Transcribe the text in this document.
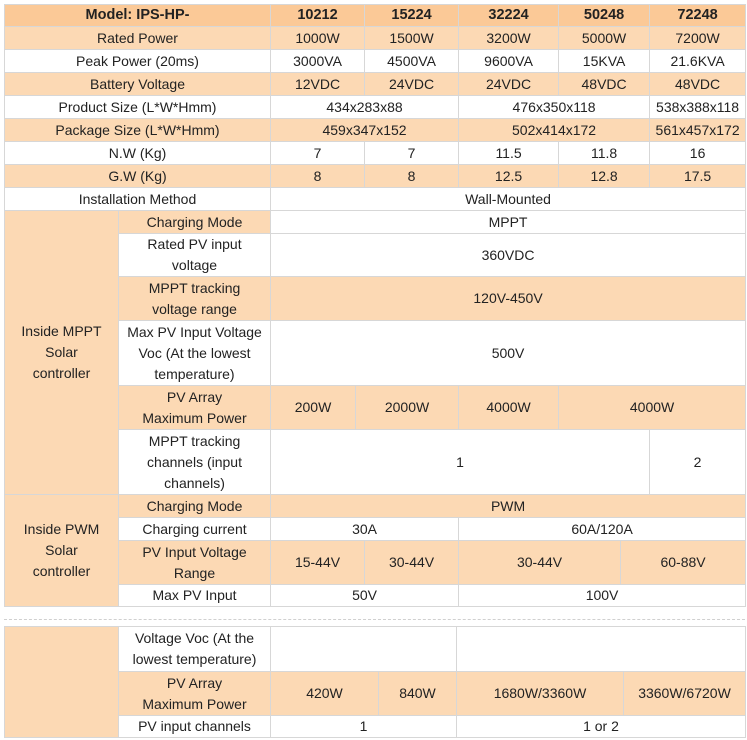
Model: IPS-HP-		10212		15224	32224	50248		72248	
Rated Power		1000W		1500W	3200W	5000W		7200W	
Peak Power (20ms)		3000VA		4500VA	9600VA	15KVA		21.6KVA	
Battery Voltage		12VDC		24VDC	24VDC	48VDC		48VDC	
Product Size (L*W*Hmm)		434x283x88			476x350x118			538x388x118	
Package Size (L*W*Hmm)		459x347x152			502x414x172			561x457x172	
N.W (Kg)		7		7	11.5	11.8		16	
G.W (Kg)		8		8	12.5	12.8		17.5	
Installation Method		Wall-Mounted							
Inside MPPT Solar controller	Charging Mode	MPPT							
	Rated PV input voltage	360VDC							
	MPPT tracking voltage range	120V-450V							
	Max PV Input Voltage Voc (At the lowest temperature)	500V							
	PV Array Maximum Power	200W	2000W		4000W	4000W	
	MPPT tracking channels (input channels)	1						2	
Inside PWM Solar controller	Charging Mode	PWM							
	Charging current	30A			60A/120A				
	PV Input Voltage Range	15-44V		30-44V	30-44V		60-88V		
	Max PV Input	50V			100V				
	Voltage Voc (At the lowest temperature)				
	PV Array Maximum Power	420W	840W	1680W/3360W	3360W/6720W
	PV input channels	1		1 or 2	
